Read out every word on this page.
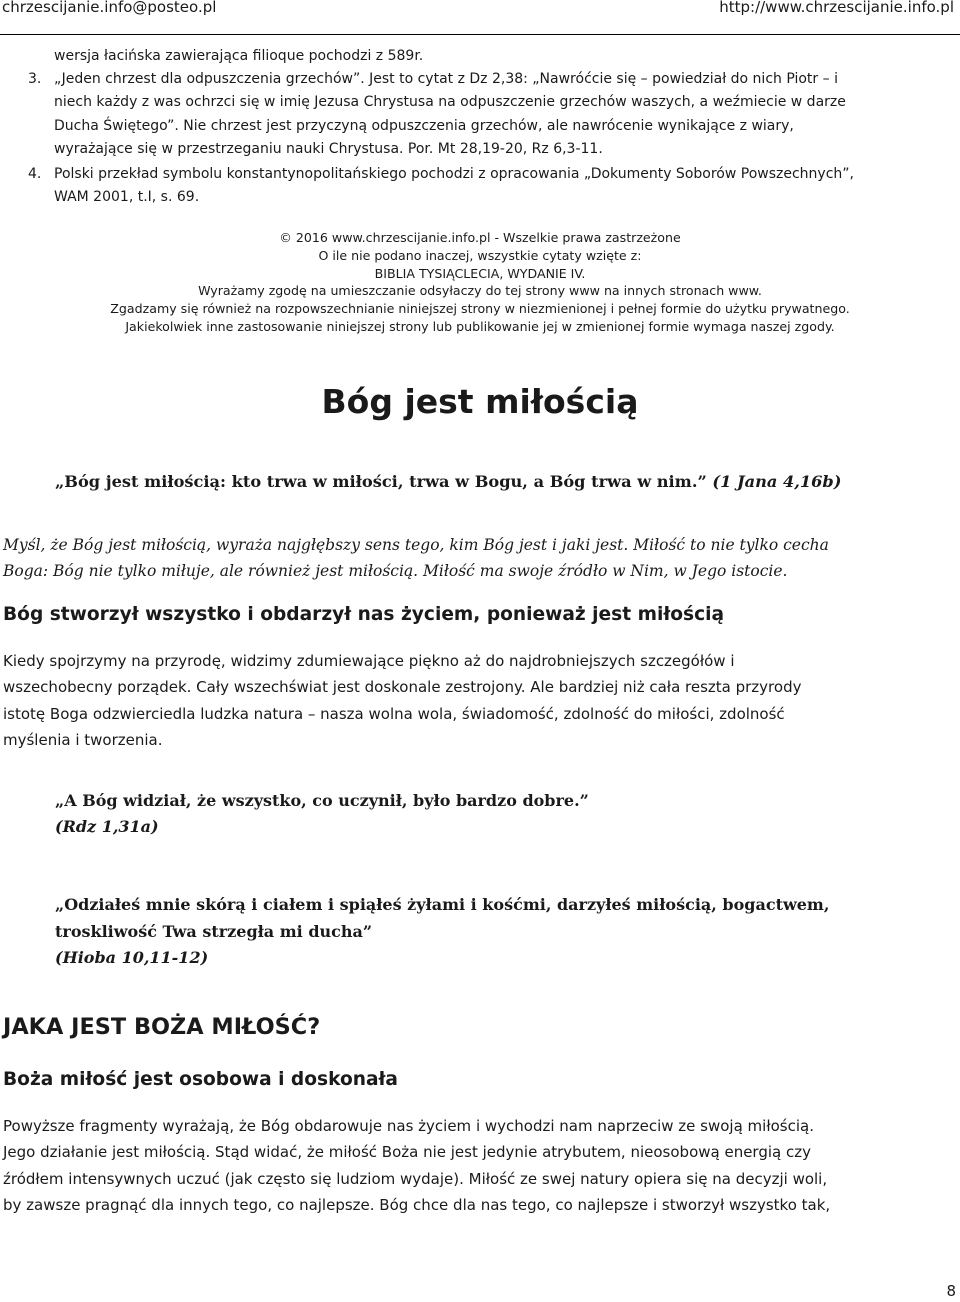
chrzescijanie.info@posteo.pl	http://www.chrzescijanie.info.pl
wersja łacińska zawierająca filioque pochodzi z 589r.
3. „Jeden chrzest dla odpuszczenia grzechów”. Jest to cytat z Dz 2,38: „Nawróćcie się – powiedział do nich Piotr – i
niech każdy z was ochrzci się w imię Jezusa Chrystusa na odpuszczenie grzechów waszych, a weźmiecie w darze
Ducha Świętego”. Nie chrzest jest przyczyną odpuszczenia grzechów, ale nawrócenie wynikające z wiary,
wyrażające się w przestrzeganiu nauki Chrystusa. Por. Mt 28,19-20, Rz 6,3-11.
4. Polski przekład symbolu konstantynopolitańskiego pochodzi z opracowania „Dokumenty Soborów Powszechnych”,
WAM 2001, t.I, s. 69.
© 2016 www.chrzescijanie.info.pl - Wszelkie prawa zastrzeżone
O ile nie podano inaczej, wszystkie cytaty wzięte z:
BIBLIA TYSIĄCLECIA, WYDANIE IV.
Wyrażamy zgodę na umieszczanie odsyłaczy do tej strony www na innych stronach www.
Zgadzamy się również na rozpowszechnianie niniejszej strony w niezmienionej i pełnej formie do użytku prywatnego.
Jakiekolwiek inne zastosowanie niniejszej strony lub publikowanie jej w zmienionej formie wymaga naszej zgody.
Bóg jest miłością
„Bóg jest miłością: kto trwa w miłości, trwa w Bogu, a Bóg trwa w nim.” (1 Jana 4,16b)
Myśl, że Bóg jest miłością, wyraża najgłębszy sens tego, kim Bóg jest i jaki jest. Miłość to nie tylko cecha
Boga: Bóg nie tylko miłuje, ale również jest miłością. Miłość ma swoje źródło w Nim, w Jego istocie.
Bóg stworzył wszystko i obdarzył nas życiem, ponieważ jest miłością
Kiedy spojrzymy na przyrodę, widzimy zdumiewające piękno aż do najdrobniejszych szczegółów i
wszechobecny porządek. Cały wszechświat jest doskonale zestrojony. Ale bardziej niż cała reszta przyrody
istotę Boga odzwierciedla ludzka natura – nasza wolna wola, świadomość, zdolność do miłości, zdolność
myślenia i tworzenia.
„A Bóg widział, że wszystko, co uczynił, było bardzo dobre.”
(Rdz 1,31a)
„Odziałeś mnie skórą i ciałem i spiąłeś żyłami i kośćmi, darzyłeś miłością, bogactwem,
troskliwość Twa strzegła mi ducha”
(Hioba 10,11-12)
JAKA JEST BOŻA MIŁOŚĆ?
Boża miłość jest osobowa i doskonała
Powyższe fragmenty wyrażają, że Bóg obdarowuje nas życiem i wychodzi nam naprzeciw ze swoją miłością.
Jego działanie jest miłością. Stąd widać, że miłość Boża nie jest jedynie atrybutem, nieosobową energią czy
źródłem intensywnych uczuć (jak często się ludziom wydaje). Miłość ze swej natury opiera się na decyzji woli,
by zawsze pragnąć dla innych tego, co najlepsze. Bóg chce dla nas tego, co najlepsze i stworzył wszystko tak,
8
